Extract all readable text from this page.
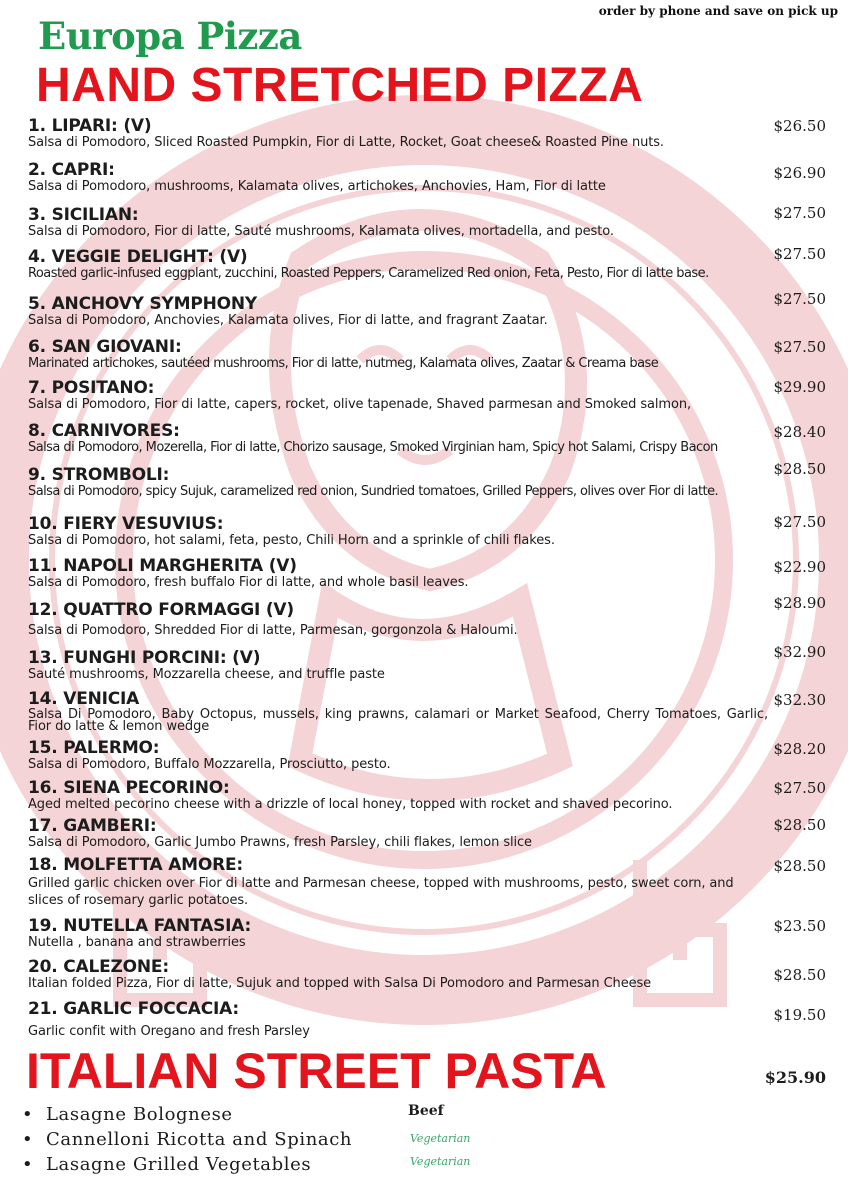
order by phone and save on pick up
Europa Pizza
HAND STRETCHED PIZZA
1. LIPARI: (V)
Salsa di Pomodoro, Sliced Roasted Pumpkin, Fior di Latte, Rocket, Goat cheese& Roasted Pine nuts.
$26.50
2. CAPRI:
Salsa di Pomodoro, mushrooms, Kalamata olives, artichokes, Anchovies, Ham, Fior di latte
$26.90
3. SICILIAN:
Salsa di Pomodoro, Fior di latte, Sauté mushrooms, Kalamata olives, mortadella, and pesto.
$27.50
4. VEGGIE DELIGHT: (V)
Roasted garlic-infused eggplant, zucchini, Roasted Peppers, Caramelized Red onion, Feta, Pesto, Fior di latte base.
$27.50
5. ANCHOVY SYMPHONY
Salsa di Pomodoro, Anchovies, Kalamata olives, Fior di latte, and fragrant Zaatar.
$27.50
6. SAN GIOVANI:
Marinated artichokes, sautéed mushrooms, Fior di latte, nutmeg, Kalamata olives, Zaatar & Creama base
$27.50
7. POSITANO:
Salsa di Pomodoro, Fior di latte, capers, rocket, olive tapenade, Shaved parmesan and Smoked salmon,
$29.90
8. CARNIVORES:
Salsa di Pomodoro, Mozerella, Fior di latte, Chorizo sausage, Smoked Virginian ham, Spicy hot Salami, Crispy Bacon
$28.40
9. STROMBOLI:
Salsa di Pomodoro, spicy Sujuk, caramelized red onion, Sundried tomatoes, Grilled Peppers, olives over Fior di latte.
$28.50
10. FIERY VESUVIUS:
Salsa di Pomodoro, hot salami, feta, pesto, Chili Horn and a sprinkle of chili flakes.
$27.50
11. NAPOLI MARGHERITA (V)
Salsa di Pomodoro, fresh buffalo Fior di latte, and whole basil leaves.
$22.90
12. QUATTRO FORMAGGI (V)
Salsa di Pomodoro, Shredded Fior di latte, Parmesan, gorgonzola & Haloumi.
$28.90
13. FUNGHI PORCINI: (V)
Sauté mushrooms, Mozzarella cheese, and truffle paste
$32.90
14. VENICIA
Salsa Di Pomodoro, Baby Octopus, mussels, king prawns, calamari or Market Seafood, Cherry Tomatoes, Garlic, Fior do latte & lemon wedge
$32.30
15. PALERMO:
Salsa di Pomodoro, Buffalo Mozzarella, Prosciutto, pesto.
$28.20
16. SIENA PECORINO:
Aged melted pecorino cheese with a drizzle of local honey, topped with rocket and shaved pecorino.
$27.50
17. GAMBERI:
Salsa di Pomodoro, Garlic Jumbo Prawns, fresh Parsley, chili flakes, lemon slice
$28.50
18. MOLFETTA AMORE:
Grilled garlic chicken over Fior di latte and Parmesan cheese, topped with mushrooms, pesto, sweet corn, and slices of rosemary garlic potatoes.
$28.50
19. NUTELLA FANTASIA:
Nutella , banana and strawberries
$23.50
20. CALEZONE:
Italian folded Pizza, Fior di latte, Sujuk and topped with Salsa Di Pomodoro and Parmesan Cheese	$28.50
21. GARLIC FOCCACIA:
Garlic confit with Oregano and fresh Parsley
$19.50
ITALIAN STREET PASTA	$25.90
• Lasagne Bolognese
• Cannelloni Ricotta and Spinach
• Lasagne Grilled Vegetables
Beef
Vegetarian
Vegetarian
